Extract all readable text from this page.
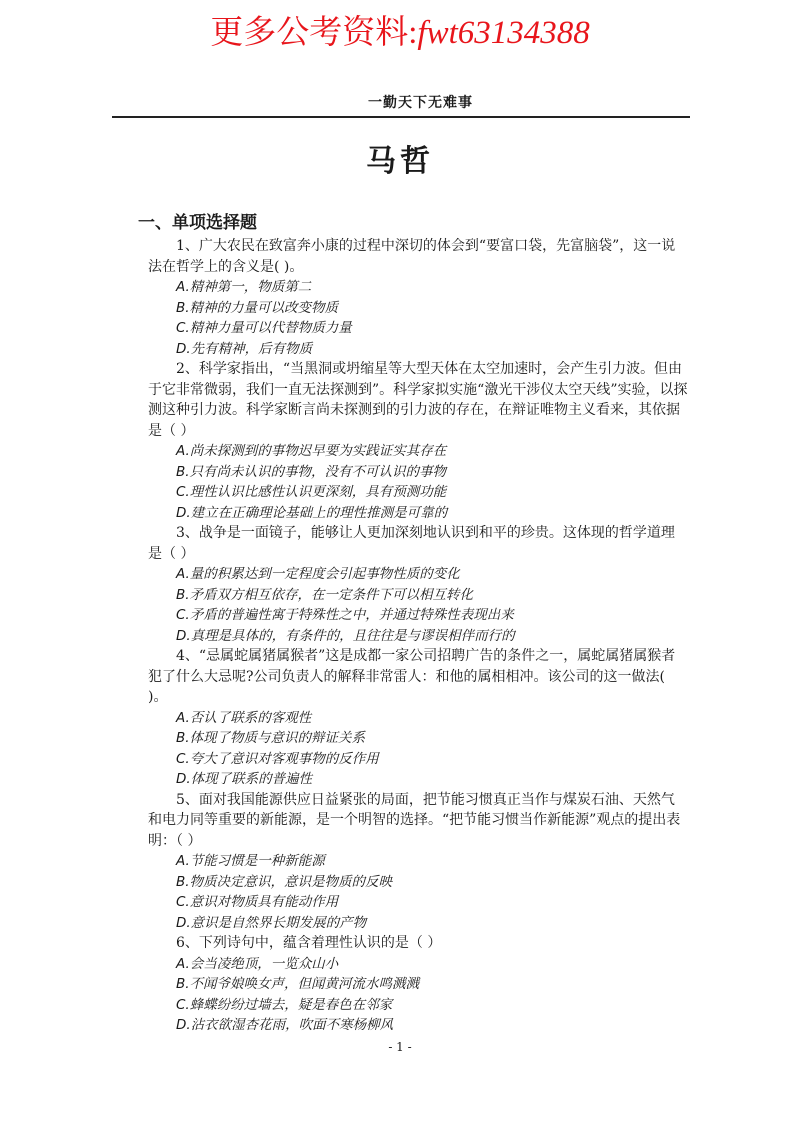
更多公考资料:fwt63134388
一勤天下无难事
马哲
一、单项选择题

1、广大农民在致富奔小康的过程中深切的体会到“要富口袋，先富脑袋”，这一说法在哲学上的含义是( )。

A.精神第一，物质第二

B.精神的力量可以改变物质

C.精神力量可以代替物质力量

D.先有精神，后有物质

2、科学家指出，“当黑洞或坍缩星等大型天体在太空加速时，会产生引力波。但由于它非常微弱，我们一直无法探测到”。科学家拟实施“激光干涉仪太空天线”实验，以探测这种引力波。科学家断言尚未探测到的引力波的存在，在辩证唯物主义看来，其依据是（ ）

A.尚未探测到的事物迟早要为实践证实其存在

B.只有尚未认识的事物，没有不可认识的事物

C.理性认识比感性认识更深刻，具有预测功能

D.建立在正确理论基础上的理性推测是可靠的

3、战争是一面镜子，能够让人更加深刻地认识到和平的珍贵。这体现的哲学道理是（ ）

A.量的积累达到一定程度会引起事物性质的变化

B.矛盾双方相互依存，在一定条件下可以相互转化

C.矛盾的普遍性寓于特殊性之中，并通过特殊性表现出来

D.真理是具体的，有条件的，且往往是与谬误相伴而行的

4、“忌属蛇属猪属猴者”这是成都一家公司招聘广告的条件之一，属蛇属猪属猴者犯了什么大忌呢?公司负责人的解释非常雷人：和他的属相相冲。该公司的这一做法( )。

A.否认了联系的客观性

B.体现了物质与意识的辩证关系

C.夸大了意识对客观事物的反作用

D.体现了联系的普遍性

5、面对我国能源供应日益紧张的局面，把节能习惯真正当作与煤炭石油、天然气和电力同等重要的新能源，是一个明智的选择。“把节能习惯当作新能源”观点的提出表明：（ ）

A.节能习惯是一种新能源

B.物质决定意识，意识是物质的反映

C.意识对物质具有能动作用

D.意识是自然界长期发展的产物

6、下列诗句中，蕴含着理性认识的是（ ）

A.会当凌绝顶，一览众山小

B.不闻爷娘唤女声，但闻黄河流水鸣溅溅

C.蜂蝶纷纷过墙去，疑是春色在邻家

D.沾衣欲湿杏花雨，吹面不寒杨柳风

- 1 -
